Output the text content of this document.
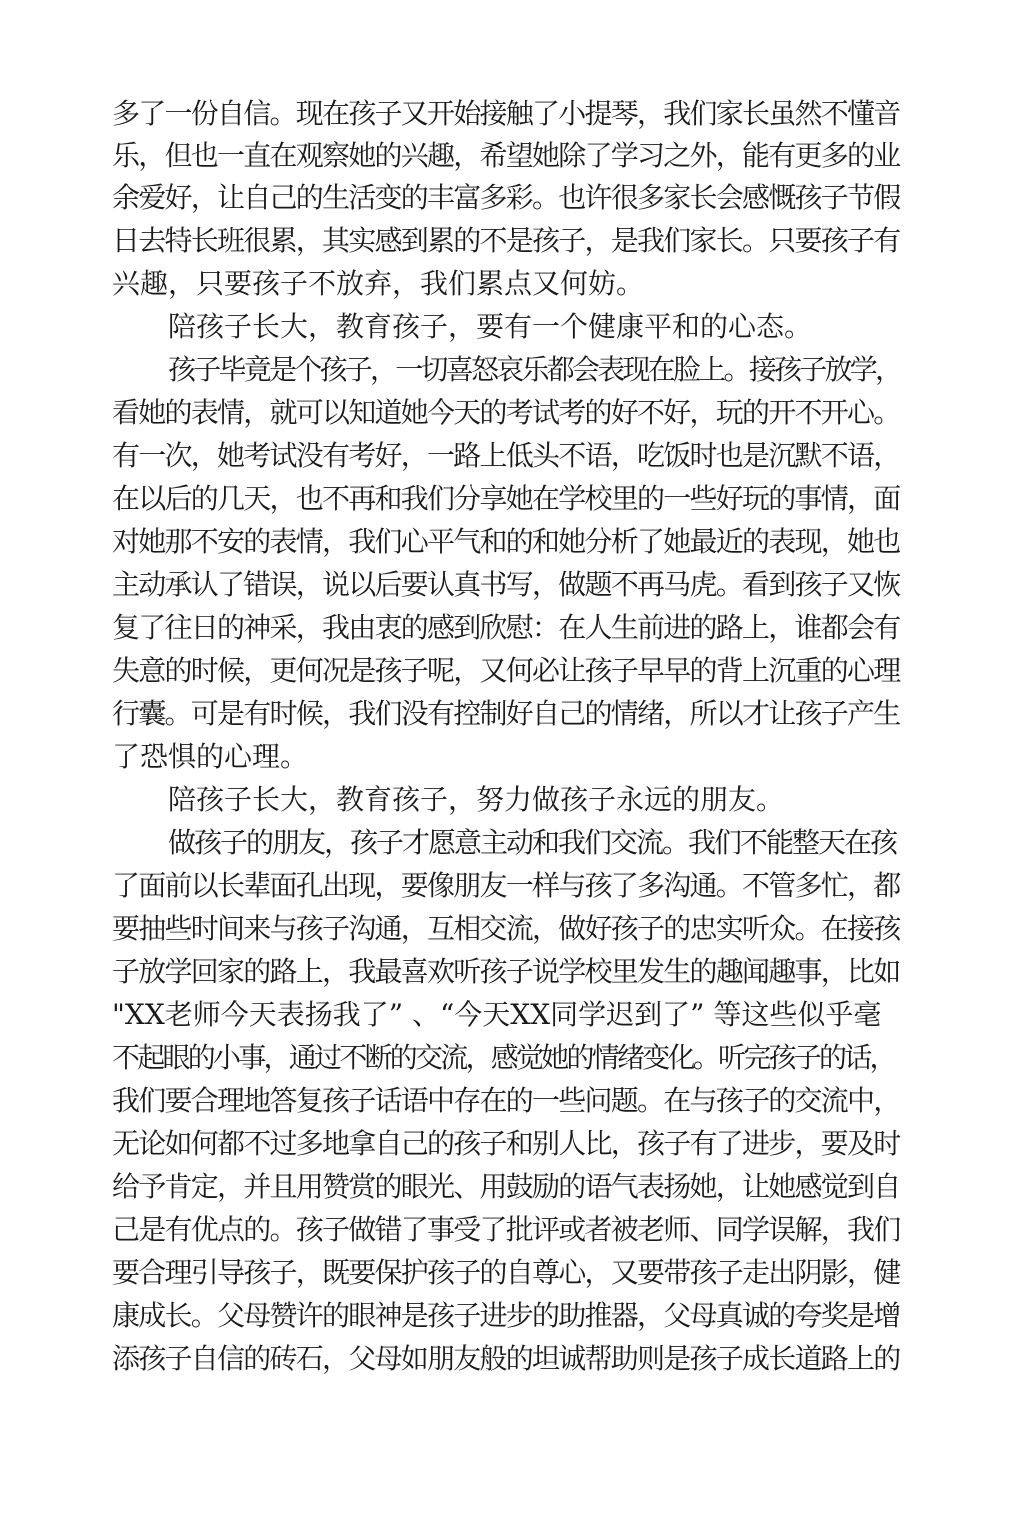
多了一份自信。现在孩子又开始接触了小提琴，我们家长虽然不懂音
乐，但也一直在观察她的兴趣，希望她除了学习之外，能有更多的业
余爱好，让自己的生活变的丰富多彩。也许很多家长会感慨孩子节假
日去特长班很累，其实感到累的不是孩子，是我们家长。只要孩子有
兴趣，只要孩子不放弃，我们累点又何妨。
陪孩子长大，教育孩子，要有一个健康平和的心态。
孩子毕竟是个孩子，一切喜怒哀乐都会表现在脸上。接孩子放学，
看她的表情，就可以知道她今天的考试考的好不好，玩的开不开心。
有一次，她考试没有考好，一路上低头不语，吃饭时也是沉默不语，
在以后的几天，也不再和我们分享她在学校里的一些好玩的事情，面
对她那不安的表情，我们心平气和的和她分析了她最近的表现，她也
主动承认了错误，说以后要认真书写，做题不再马虎。看到孩子又恢
复了往日的神采，我由衷的感到欣慰：在人生前进的路上，谁都会有
失意的时候，更何况是孩子呢，又何必让孩子早早的背上沉重的心理
行囊。可是有时候，我们没有控制好自己的情绪，所以才让孩子产生
了恐惧的心理。
陪孩子长大，教育孩子，努力做孩子永远的朋友。
做孩子的朋友，孩子才愿意主动和我们交流。我们不能整天在孩
了面前以长辈面孔出现，要像朋友一样与孩了多沟通。不管多忙，都
要抽些时间来与孩子沟通，互相交流，做好孩子的忠实听众。在接孩
子放学回家的路上，我最喜欢听孩子说学校里发生的趣闻趣事，比如
"XX老师今天表扬我了” 、“今天XX同学迟到了” 等这些似乎毫
不起眼的小事，通过不断的交流，感觉她的情绪变化。听完孩子的话，
我们要合理地答复孩子话语中存在的一些问题。在与孩子的交流中，
无论如何都不过多地拿自己的孩子和别人比，孩子有了进步，要及时
给予肯定，并且用赞赏的眼光、用鼓励的语气表扬她，让她感觉到自
己是有优点的。孩子做错了事受了批评或者被老师、同学误解，我们
要合理引导孩子，既要保护孩子的自尊心，又要带孩子走出阴影，健
康成长。父母赞许的眼神是孩子进步的助推器，父母真诚的夸奖是增
添孩子自信的砖石，父母如朋友般的坦诚帮助则是孩子成长道路上的
